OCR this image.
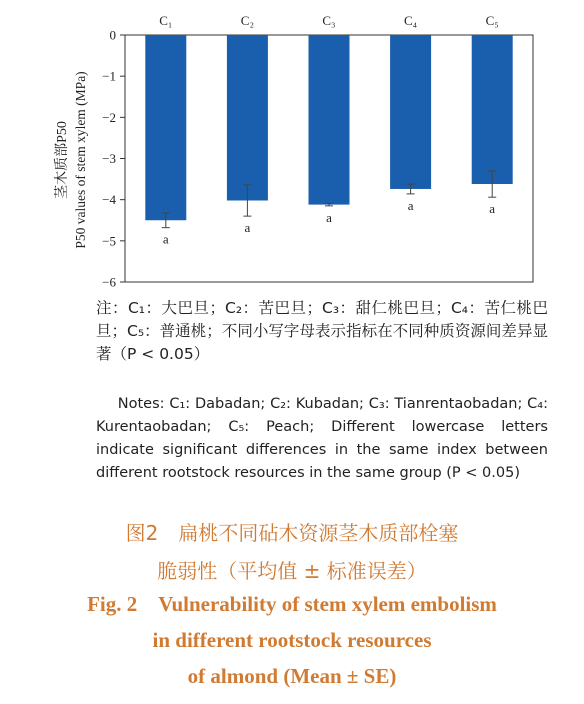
0
−1
−2
−3
−4
−5
−6
C₁	C₂	C₃	C₄	C₅
a
a
a
a	a
茎木质部P50 P50 values of stem xylem (MPa)

注：C₁：大巴旦；C₂：苦巴旦；C₃：甜仁桃巴旦；C₄：苦仁桃巴旦；C₅：普通桃；不同小写字母表示指标在不同种质资源间差异显著（P < 0.05）

Notes: C₁: Dabadan; C₂: Kubadan; C₃: Tianrentaobadan; C₄: Kurentaobadan; C₅: Peach; Different lowercase letters indicate significant differences in the same index between different rootstock resources in the same group (P < 0.05)

图2　扁桃不同砧木资源茎木质部栓塞

脆弱性（平均值 ± 标准误差）

Fig. 2 Vulnerability of stem xylem embolism

in different rootstock resources

of almond (Mean ± SE)
